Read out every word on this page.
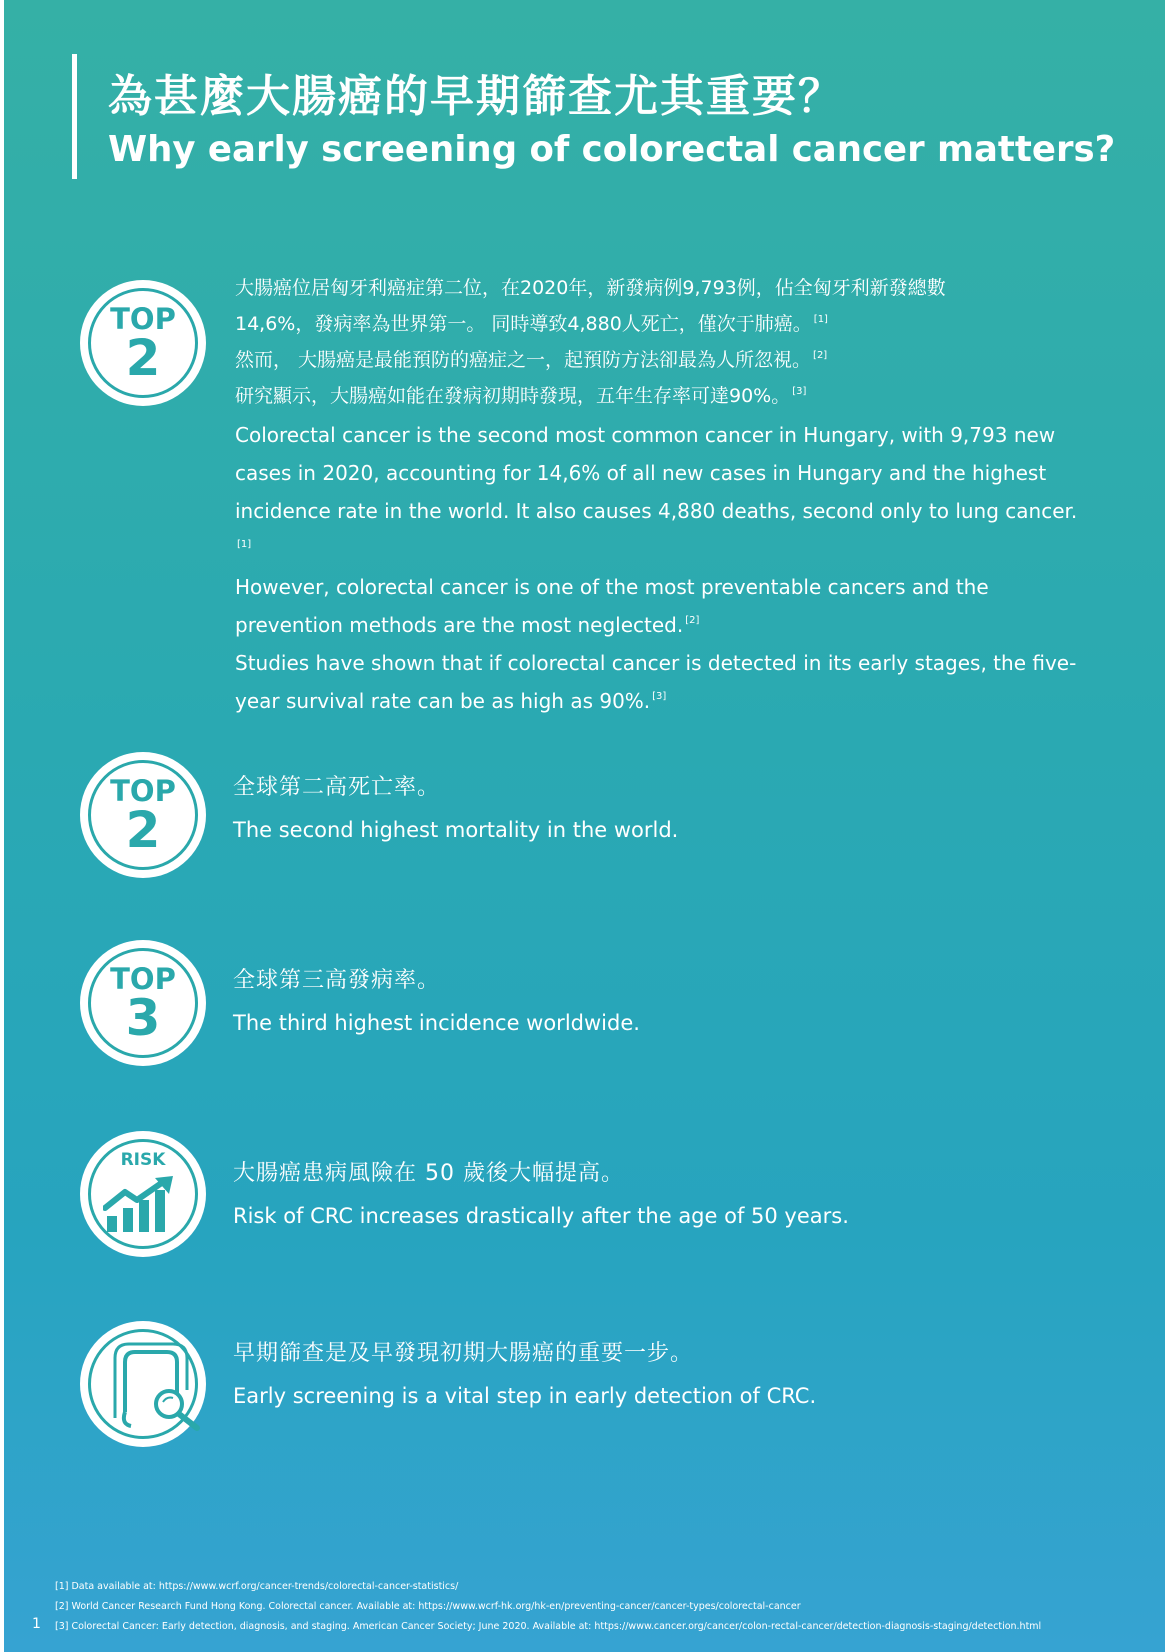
為甚麼大腸癌的早期篩查尤其重要？
Why early screening of colorectal cancer matters?
TOP
2
大腸癌位居匈牙利癌症第二位，在2020年，新發病例9,793例，佔全匈牙利新發總數
14,6%，發病率為世界第一。 同時導致4,880人死亡，僅次于肺癌。 [1]
然而， 大腸癌是最能預防的癌症之一，起預防方法卻最為人所忽視。 [2]
研究顯示，大腸癌如能在發病初期時發現，五年生存率可達90%。 [3]
Colorectal cancer is the second most common cancer in Hungary, with 9,793 new cases in 2020, accounting for 14,6% of all new cases in Hungary and the highest incidence rate in the world. It also causes 4,880 deaths, second only to lung cancer.[1]
However, colorectal cancer is one of the most preventable cancers and the prevention methods are the most neglected. [2]
Studies have shown that if colorectal cancer is detected in its early stages, the five-year survival rate can be as high as 90%. [3]
TOP
2
全球第二高死亡率。
The second highest mortality in the world.
TOP
3
全球第三高發病率。
The third highest incidence worldwide.
RISK
大腸癌患病風險在 50 歲後大幅提高。
Risk of CRC increases drastically after the age of 50 years.
早期篩查是及早發現初期大腸癌的重要一步。
Early screening is a vital step in early detection of CRC.
[1] Data available at: https://www.wcrf.org/cancer-trends/colorectal-cancer-statistics/
[2] World Cancer Research Fund Hong Kong. Colorectal cancer. Available at: https://www.wcrf-hk.org/hk-en/preventing-cancer/cancer-types/colorectal-cancer
[3] Colorectal Cancer: Early detection, diagnosis, and staging. American Cancer Society; June 2020. Available at: https://www.cancer.org/cancer/colon-rectal-cancer/detection-diagnosis-staging/detection.html
1
